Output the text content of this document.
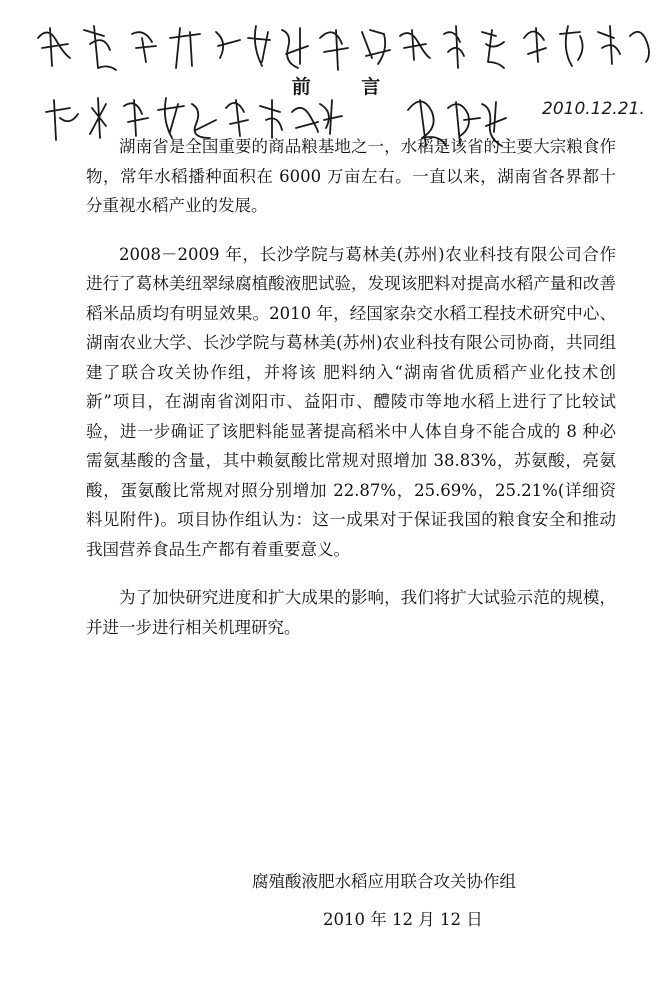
2010.12.21.
前 言

湖南省是全国重要的商品粮基地之一，水稻是该省的主要大宗粮食作物，常年水稻播种面积在 6000 万亩左右。一直以来，湖南省各界都十分重视水稻产业的发展。

2008－2009 年，长沙学院与葛林美(苏州)农业科技有限公司合作进行了葛林美纽翠绿腐植酸液肥试验，发现该肥料对提高水稻产量和改善稻米品质均有明显效果。2010 年，经国家杂交水稻工程技术研究中心、湖南农业大学、长沙学院与葛林美(苏州)农业科技有限公司协商，共同组建了联合攻关协作组，并将该 肥料纳入“湖南省优质稻产业化技术创新”项目，在湖南省浏阳市、益阳市、醴陵市等地水稻上进行了比较试验，进一步确证了该肥料能显著提高稻米中人体自身不能合成的 8 种必需氨基酸的含量，其中赖氨酸比常规对照增加 38.83%，苏氨酸，亮氨酸，蛋氨酸比常规对照分别增加 22.87%，25.69%，25.21%(详细资料见附件)。项目协作组认为：这一成果对于保证我国的粮食安全和推动我国营养食品生产都有着重要意义。

为了加快研究进度和扩大成果的影响，我们将扩大试验示范的规模，并进一步进行相关机理研究。

腐殖酸液肥水稻应用联合攻关协作组
2010 年 12 月 12 日
